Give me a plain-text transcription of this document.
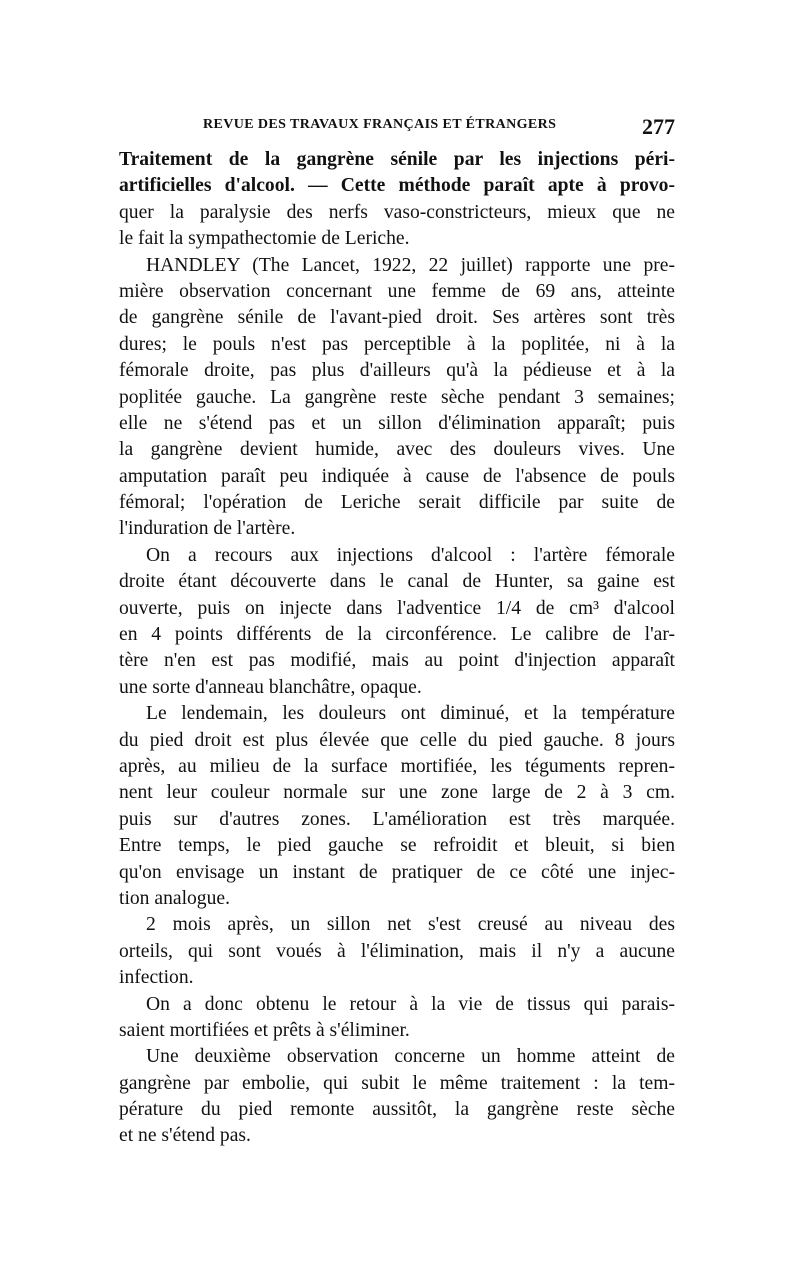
REVUE DES TRAVAUX FRANÇAIS ET ÉTRANGERS	277
Traitement de la gangrène sénile par les injections péri-
artificielles d'alcool. — Cette méthode paraît apte à provo-
quer la paralysie des nerfs vaso-constricteurs, mieux que ne
le fait la sympathectomie de Leriche.
HANDLEY (The Lancet, 1922, 22 juillet) rapporte une pre-
mière observation concernant une femme de 69 ans, atteinte
de gangrène sénile de l'avant-pied droit. Ses artères sont très
dures; le pouls n'est pas perceptible à la poplitée, ni à la
fémorale droite, pas plus d'ailleurs qu'à la pédieuse et à la
poplitée gauche. La gangrène reste sèche pendant 3 semaines;
elle ne s'étend pas et un sillon d'élimination apparaît; puis
la gangrène devient humide, avec des douleurs vives. Une
amputation paraît peu indiquée à cause de l'absence de pouls
fémoral; l'opération de Leriche serait difficile par suite de
l'induration de l'artère.
On a recours aux injections d'alcool : l'artère fémorale
droite étant découverte dans le canal de Hunter, sa gaine est
ouverte, puis on injecte dans l'adventice 1/4 de cm³ d'alcool
en 4 points différents de la circonférence. Le calibre de l'ar-
tère n'en est pas modifié, mais au point d'injection apparaît
une sorte d'anneau blanchâtre, opaque.
Le lendemain, les douleurs ont diminué, et la température
du pied droit est plus élevée que celle du pied gauche. 8 jours
après, au milieu de la surface mortifiée, les téguments repren-
nent leur couleur normale sur une zone large de 2 à 3 cm.
puis sur d'autres zones. L'amélioration est très marquée.
Entre temps, le pied gauche se refroidit et bleuit, si bien
qu'on envisage un instant de pratiquer de ce côté une injec-
tion analogue.
2 mois après, un sillon net s'est creusé au niveau des
orteils, qui sont voués à l'élimination, mais il n'y a aucune
infection.
On a donc obtenu le retour à la vie de tissus qui parais-
saient mortifiées et prêts à s'éliminer.
Une deuxième observation concerne un homme atteint de
gangrène par embolie, qui subit le même traitement : la tem-
pérature du pied remonte aussitôt, la gangrène reste sèche
et ne s'étend pas.
